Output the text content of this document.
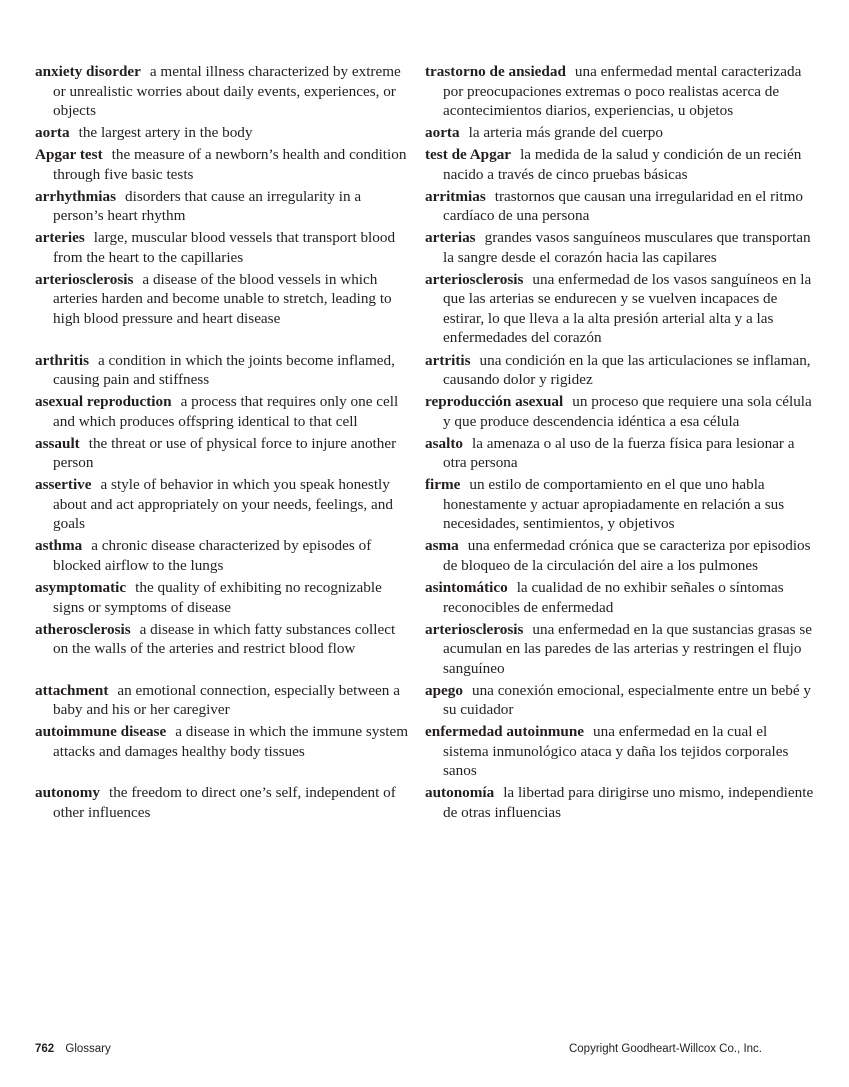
anxiety disorder a mental illness characterized by extreme or unrealistic worries about daily events, experiences, or objects
trastorno de ansiedad una enfermedad mental caracterizada por preocupaciones extremas o poco realistas acerca de acontecimientos diarios, experiencias, u objetos
aorta the largest artery in the body	aorta la arteria más grande del cuerpo
Apgar test the measure of a newborn’s health and condition through five basic tests
test de Apgar la medida de la salud y condición de un recién nacido a través de cinco pruebas básicas
arrhythmias disorders that cause an irregularity in a person’s heart rhythm
arritmias trastornos que causan una irregularidad en el ritmo cardíaco de una persona
arteries large, muscular blood vessels that transport blood from the heart to the capillaries
arterias grandes vasos sanguíneos musculares que transportan la sangre desde el corazón hacia las capilares
arteriosclerosis a disease of the blood vessels in which arteries harden and become unable to stretch, leading to high blood pressure and heart disease
arteriosclerosis una enfermedad de los vasos sanguíneos en la que las arterias se endurecen y se vuelven incapaces de estirar, lo que lleva a la alta presión arterial alta y a las enfermedades del corazón
arthritis a condition in which the joints become inflamed, causing pain and stiffness
artritis una condición en la que las articulaciones se inflaman, causando dolor y rigidez
asexual reproduction a process that requires only one cell and which produces offspring identical to that cell
reproducción asexual un proceso que requiere una sola célula y que produce descendencia idéntica a esa célula
assault the threat or use of physical force to injure another person
asalto la amenaza o al uso de la fuerza física para lesionar a otra persona
assertive a style of behavior in which you speak honestly about and act appropriately on your needs, feelings, and goals
firme un estilo de comportamiento en el que uno habla honestamente y actuar apropiadamente en relación a sus necesidades, sentimientos, y objetivos
asthma a chronic disease characterized by episodes of blocked airflow to the lungs
asma una enfermedad crónica que se caracteriza por episodios de bloqueo de la circulación del aire a los pulmones
asymptomatic the quality of exhibiting no recognizable signs or symptoms of disease
asintomático la cualidad de no exhibir señales o síntomas reconocibles de enfermedad
atherosclerosis a disease in which fatty substances collect on the walls of the arteries and restrict blood flow
arteriosclerosis una enfermedad en la que sustancias grasas se acumulan en las paredes de las arterias y restringen el flujo sanguíneo
attachment an emotional connection, especially between a baby and his or her caregiver
apego una conexión emocional, especialmente entre un bebé y su cuidador
autoimmune disease a disease in which the immune system attacks and damages healthy body tissues
enfermedad autoinmune una enfermedad en la cual el sistema inmunológico ataca y daña los tejidos corporales sanos
autonomy the freedom to direct one’s self, independent of other influences
autonomía la libertad para dirigirse uno mismo, independiente de otras influencias
762 Glossary	Copyright Goodheart-Willcox Co., Inc.
